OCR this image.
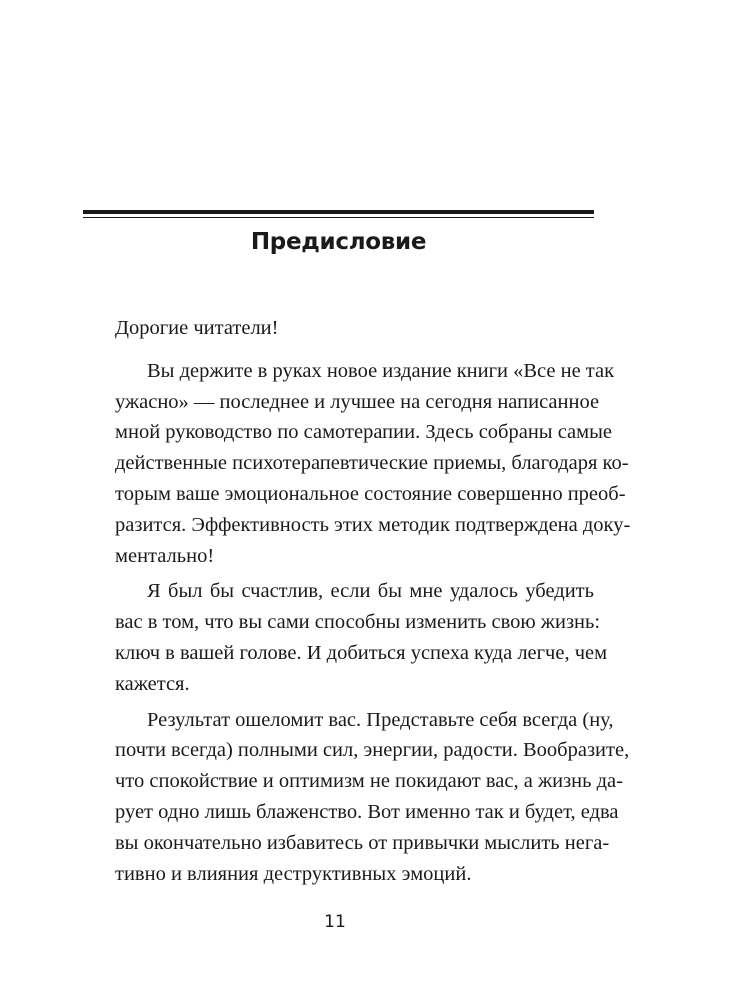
Предисловие

Дорогие читатели!

Вы держите в руках новое издание книги «Все не так
ужасно» — последнее и лучшее на сегодня написанное
мной руководство по самотерапии. Здесь собраны самые
действенные психотерапевтические приемы, благодаря ко-
торым ваше эмоциональное состояние совершенно преоб-
разится. Эффективность этих методик подтверждена доку-
ментально!

Я был бы счастлив, если бы мне удалось убедить
вас в том, что вы сами способны изменить свою жизнь:
ключ в вашей голове. И добиться успеха куда легче, чем
кажется.

Результат ошеломит вас. Представьте себя всегда (ну,
почти всегда) полными сил, энергии, радости. Вообразите,
что спокойствие и оптимизм не покидают вас, а жизнь да-
рует одно лишь блаженство. Вот именно так и будет, едва
вы окончательно избавитесь от привычки мыслить нега-
тивно и влияния деструктивных эмоций.

11
